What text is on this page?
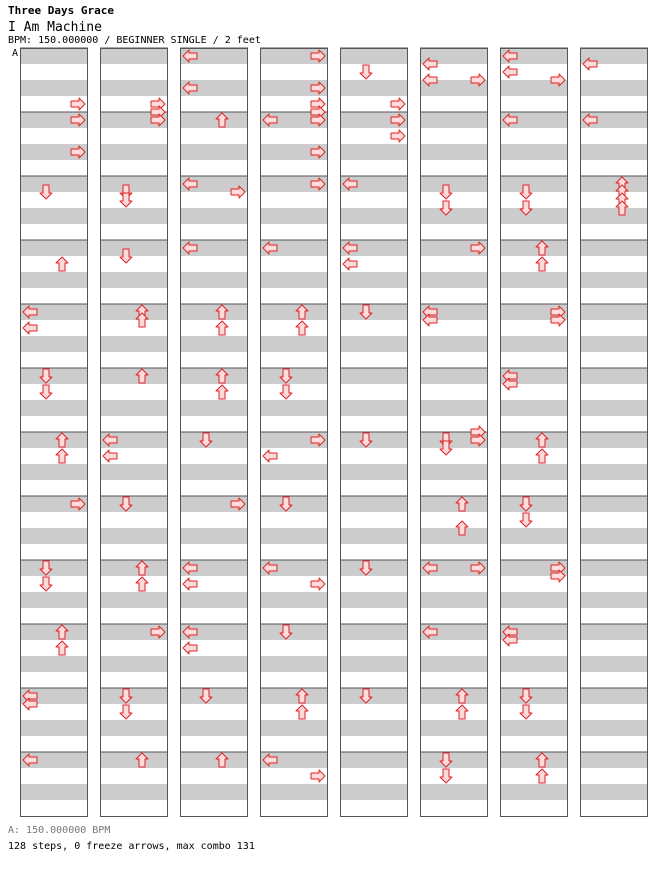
Three Days Grace
I Am Machine
BPM: 150.000000 / BEGINNER SINGLE / 2 feet
A
A: 150.000000 BPM
128 steps, 0 freeze arrows, max combo 131
